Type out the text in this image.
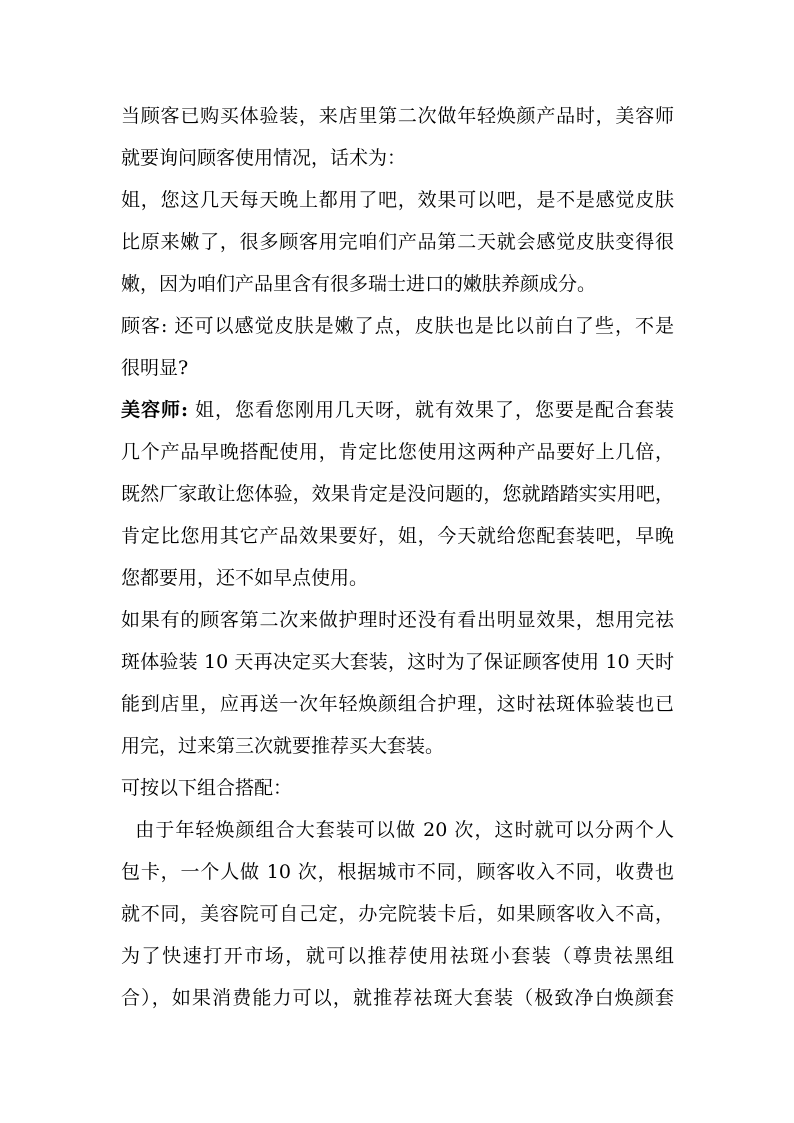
当顾客已购买体验装，来店里第二次做年轻焕颜产品时，美容师
就要询问顾客使用情况，话术为：
姐，您这几天每天晚上都用了吧，效果可以吧，是不是感觉皮肤
比原来嫩了，很多顾客用完咱们产品第二天就会感觉皮肤变得很
嫩，因为咱们产品里含有很多瑞士进口的嫩肤养颜成分。
顾客: 还可以感觉皮肤是嫩了点，皮肤也是比以前白了些，不是
很明显?
美容师: 姐，您看您刚用几天呀，就有效果了，您要是配合套装
几个产品早晚搭配使用，肯定比您使用这两种产品要好上几倍，
既然厂家敢让您体验，效果肯定是没问题的，您就踏踏实实用吧，
肯定比您用其它产品效果要好，姐，今天就给您配套装吧，早晚
您都要用，还不如早点使用。
如果有的顾客第二次来做护理时还没有看出明显效果，想用完祛
斑体验装 10 天再决定买大套装，这时为了保证顾客使用 10 天时
能到店里，应再送一次年轻焕颜组合护理，这时祛斑体验装也已
用完，过来第三次就要推荐买大套装。
可按以下组合搭配：
由于年轻焕颜组合大套装可以做 20 次，这时就可以分两个人
包卡，一个人做 10 次，根据城市不同，顾客收入不同，收费也
就不同，美容院可自己定，办完院装卡后，如果顾客收入不高，
为了快速打开市场，就可以推荐使用祛斑小套装（尊贵祛黑组
合），如果消费能力可以，就推荐祛斑大套装（极致净白焕颜套
